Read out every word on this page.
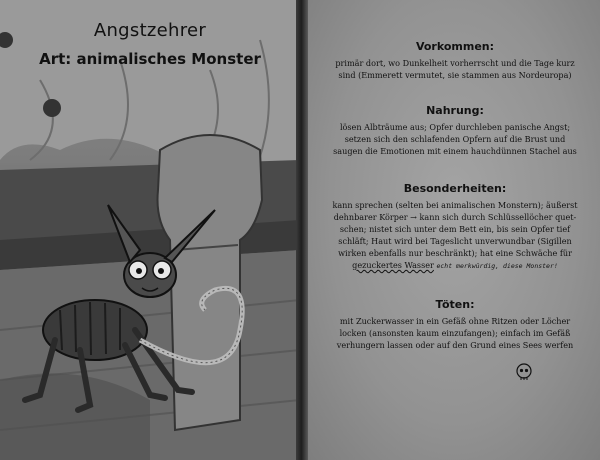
Angstzehrer
Art: animalisches Monster
Vorkommen:
primär dort, wo Dunkelheit vorherrscht und die Tage kurz
sind (Emmerett vermutet, sie stammen aus Nordeuropa)
Nahrung:
lösen Albträume aus; Opfer durchleben panische Angst;
setzen sich den schlafenden Opfern auf die Brust und
saugen die Emotionen mit einem hauchdünnen Stachel aus
Besonderheiten:
kann sprechen (selten bei animalischen Monstern); äußerst
dehnbarer Körper → kann sich durch Schlüssellöcher quet-
schen; nistet sich unter dem Bett ein, bis sein Opfer tief
schläft; Haut wird bei Tageslicht unverwundbar (Sigillen
wirken ebenfalls nur beschränkt); hat eine Schwäche für
gezuckertes Wasser echt merkwürdig, diese Monster!
Töten:
mit Zuckerwasser in ein Gefäß ohne Ritzen oder Löcher
locken (ansonsten kaum einzufangen); einfach im Gefäß
verhungern lassen oder auf den Grund eines Sees werfen
